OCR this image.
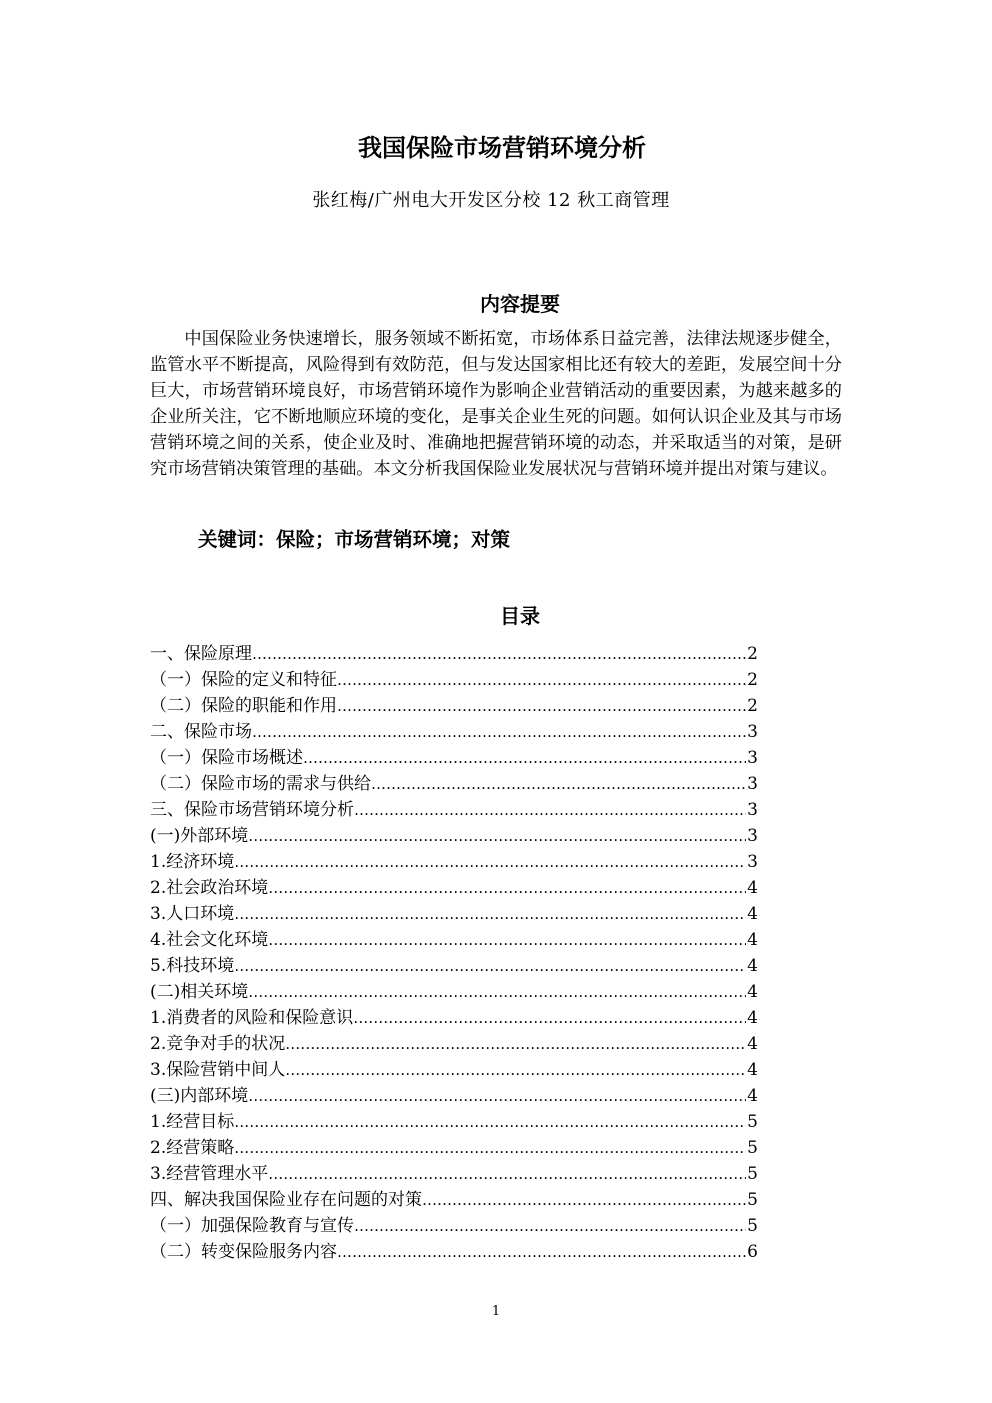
我国保险市场营销环境分析
张红梅/广州电大开发区分校 12 秋工商管理
内容提要

中国保险业务快速增长，服务领域不断拓宽，市场体系日益完善，法律法规逐步健全，监管水平不断提高，风险得到有效防范，但与发达国家相比还有较大的差距，发展空间十分巨大，市场营销环境良好，市场营销环境作为影响企业营销活动的重要因素，为越来越多的企业所关注，它不断地顺应环境的变化，是事关企业生死的问题。如何认识企业及其与市场营销环境之间的关系，使企业及时、准确地把握营销环境的动态，并采取适当的对策，是研究市场营销决策管理的基础。本文分析我国保险业发展状况与营销环境并提出对策与建议。

关键词：保险；市场营销环境；对策
目录
一、保险原理 …………………………………………………………………………………………………………………………………………	2
（一）保险的定义和特征 …………………………………………………………………………………………………………………………………………	2
（二）保险的职能和作用 …………………………………………………………………………………………………………………………………………	2
二、保险市场 …………………………………………………………………………………………………………………………………………	3
（一）保险市场概述 …………………………………………………………………………………………………………………………………………	3
（二）保险市场的需求与供给 …………………………………………………………………………………………………………………………………………	3
三、保险市场营销环境分析 …………………………………………………………………………………………………………………………………………	3
(一)外部环境 …………………………………………………………………………………………………………………………………………	3
1.经济环境 …………………………………………………………………………………………………………………………………………	3
2.社会政治环境 …………………………………………………………………………………………………………………………………………	4
3.人口环境 …………………………………………………………………………………………………………………………………………	4
4.社会文化环境 …………………………………………………………………………………………………………………………………………	4
5.科技环境 …………………………………………………………………………………………………………………………………………	4
(二)相关环境 …………………………………………………………………………………………………………………………………………	4
1.消费者的风险和保险意识 …………………………………………………………………………………………………………………………………………	4
2.竞争对手的状况 …………………………………………………………………………………………………………………………………………	4
3.保险营销中间人 …………………………………………………………………………………………………………………………………………	4
(三)内部环境 …………………………………………………………………………………………………………………………………………	4
1.经营目标 …………………………………………………………………………………………………………………………………………	5
2.经营策略 …………………………………………………………………………………………………………………………………………	5
3.经营管理水平 …………………………………………………………………………………………………………………………………………	5
四、解决我国保险业存在问题的对策 …………………………………………………………………………………………………………………………………………	5
（一）加强保险教育与宣传 …………………………………………………………………………………………………………………………………………	5
（二）转变保险服务内容 …………………………………………………………………………………………………………………………………………	6
1
